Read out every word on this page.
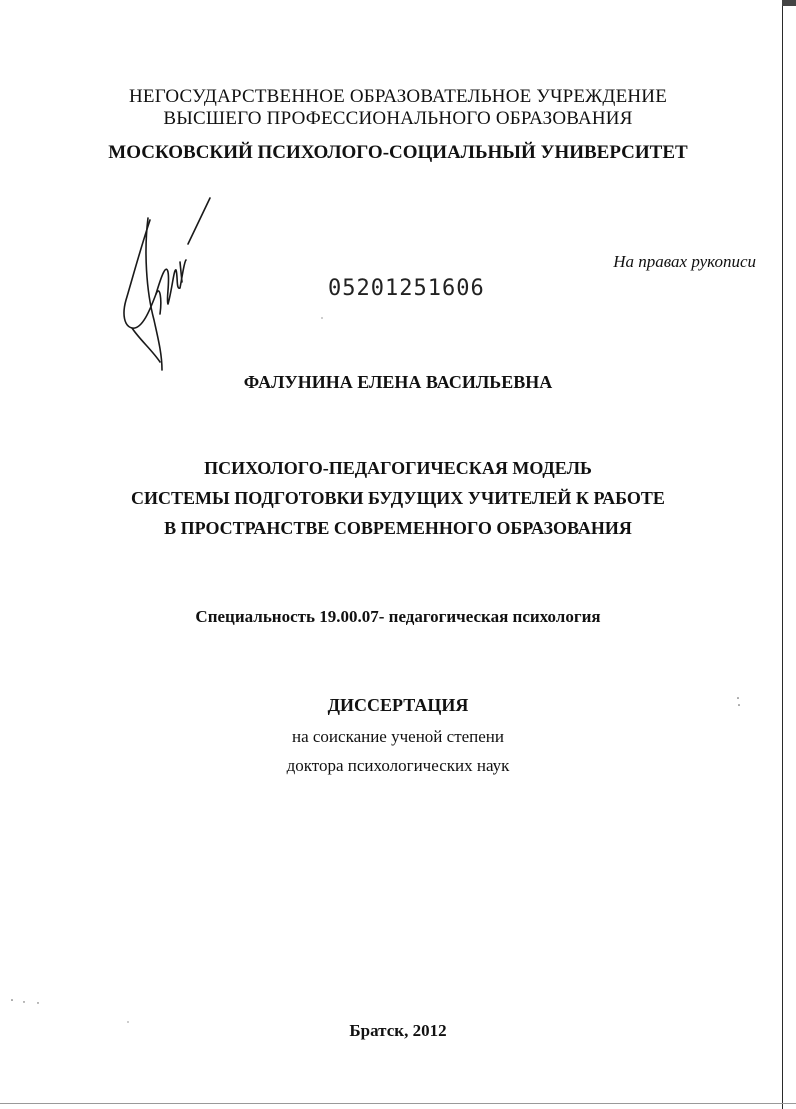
НЕГОСУДАРСТВЕННОЕ ОБРАЗОВАТЕЛЬНОЕ УЧРЕЖДЕНИЕ
ВЫСШЕГО ПРОФЕССИОНАЛЬНОГО ОБРАЗОВАНИЯ
МОСКОВСКИЙ ПСИХОЛОГО-СОЦИАЛЬНЫЙ УНИВЕРСИТЕТ
На правах рукописи
05201251606
ФАЛУНИНА ЕЛЕНА ВАСИЛЬЕВНА
ПСИХОЛОГО-ПЕДАГОГИЧЕСКАЯ МОДЕЛЬ
СИСТЕМЫ ПОДГОТОВКИ БУДУЩИХ УЧИТЕЛЕЙ К РАБОТЕ
В ПРОСТРАНСТВЕ СОВРЕМЕННОГО ОБРАЗОВАНИЯ
Специальность 19.00.07- педагогическая психология
ДИССЕРТАЦИЯ
на соискание ученой степени
доктора психологических наук
Братск, 2012
